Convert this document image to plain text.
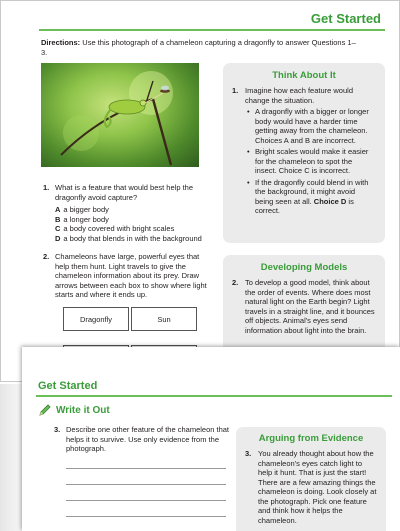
Get Started
Directions: Use this photograph of a chameleon capturing a dragonfly to answer Questions 1–3.
1. What is a feature that would best help the dragonfly avoid capture?
A a bigger body
B a longer body
C a body covered with bright scales
D a body that blends in with the background
2. Chameleons have large, powerful eyes that help them hunt. Light travels to give the chameleon information about its prey. Draw arrows between each box to show where light starts and where it ends up.
Dragonfly	Sun
Think About It
1. Imagine how each feature would change the situation.
• A dragonfly with a bigger or longer body would have a harder time getting away from the chameleon. Choices A and B are incorrect.
• Bright scales would make it easier for the chameleon to spot the insect. Choice C is incorrect.
• If the dragonfly could blend in with the background, it might avoid being seen at all. Choice D is correct.
Developing Models
2. To develop a good model, think about the order of events. Where does most natural light on the Earth begin? Light travels in a straight line, and it bounces off objects. Animal's eyes send information about light into the brain.
Get Started
Write it Out
3. Describe one other feature of the chameleon that helps it to survive. Use only evidence from the photograph.
Arguing from Evidence
3. You already thought about how the chameleon's eyes catch light to help it hunt. That is just the start! There are a few amazing things the chameleon is doing. Look closely at the photograph. Pick one feature and think how it helps the chameleon.
